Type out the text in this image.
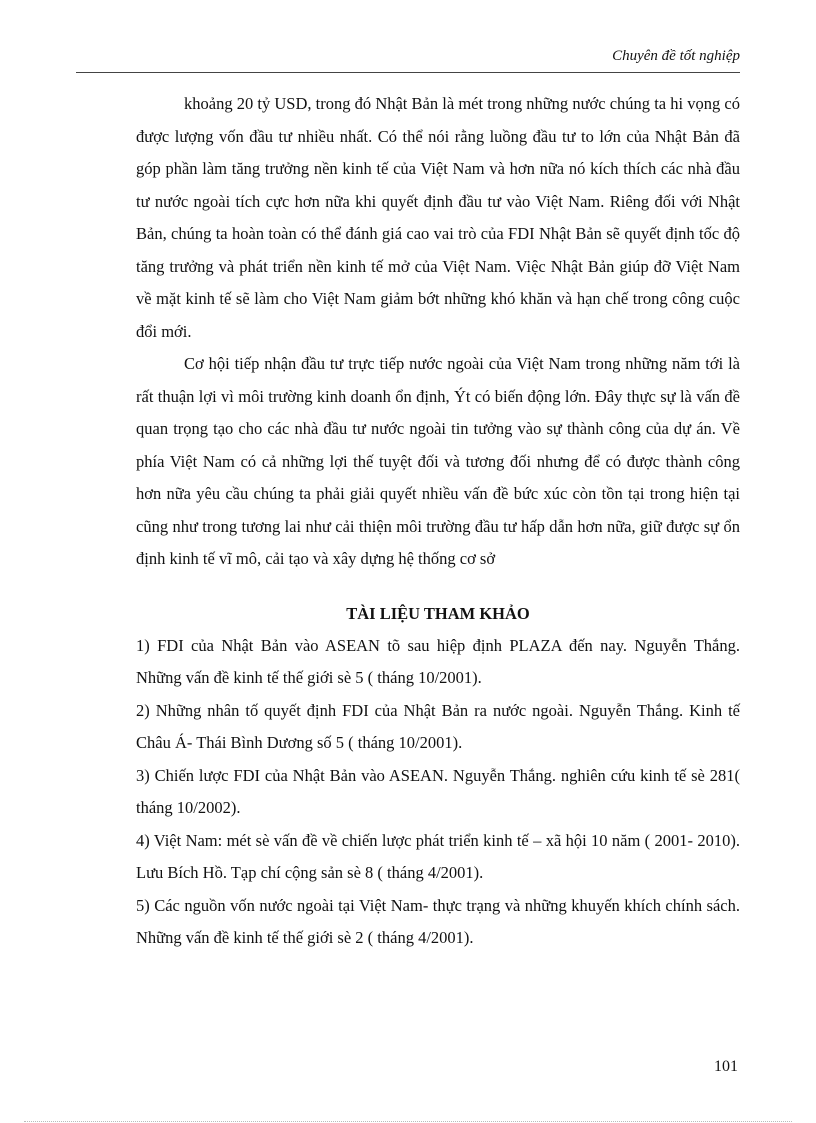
Chuyên đề tốt nghiệp

khoảng 20 tỷ USD, trong đó Nhật Bản là mét trong những nước chúng ta hi vọng có được lượng vốn đầu tư nhiều nhất. Có thể nói rằng luồng đầu tư to lớn của Nhật Bản đã góp phần làm tăng trưởng nền kinh tế của Việt Nam và hơn nữa nó kích thích các nhà đầu tư nước ngoài tích cực hơn nữa khi quyết định đầu tư vào Việt Nam. Riêng đối với Nhật Bản, chúng ta hoàn toàn có thể đánh giá cao vai trò của FDI Nhật Bản sẽ quyết định tốc độ tăng trưởng và phát triển nền kinh tế mở của Việt Nam. Việc Nhật Bản giúp đỡ Việt Nam về mặt kinh tế sẽ làm cho Việt Nam giảm bớt những khó khăn và hạn chế trong công cuộc đổi mới.

Cơ hội tiếp nhận đầu tư trực tiếp nước ngoài của Việt Nam trong những năm tới là rất thuận lợi vì môi trường kinh doanh ổn định, Ýt có biến động lớn. Đây thực sự là vấn đề quan trọng tạo cho các nhà đầu tư nước ngoài tin tưởng vào sự thành công của dự án. Về phía Việt Nam có cả những lợi thế tuyệt đối và tương đối nhưng để có được thành công hơn nữa yêu cầu chúng ta phải giải quyết nhiều vấn đề bức xúc còn tồn tại trong hiện tại cũng như trong tương lai như cải thiện môi trường đầu tư hấp dẫn hơn nữa, giữ được sự ổn định kinh tế vĩ mô, cải tạo và xây dựng hệ thống cơ sở

TÀI LIỆU THAM KHẢO
1) FDI của Nhật Bản vào ASEAN tõ sau hiệp định PLAZA đến nay. Nguyễn Thắng. Những vấn đề kinh tế thế giới sè 5 ( tháng 10/2001).
2) Những nhân tố quyết định FDI của Nhật Bản ra nước ngoài. Nguyễn Thắng. Kinh tế Châu Á- Thái Bình Dương số 5 ( tháng 10/2001).
3) Chiến lược FDI của Nhật Bản vào ASEAN. Nguyễn Thắng. nghiên cứu kinh tế sè 281( tháng 10/2002).
4) Việt Nam: mét sè vấn đề về chiến lược phát triển kinh tế – xã hội 10 năm ( 2001- 2010). Lưu Bích Hồ. Tạp chí cộng sản sè 8 ( tháng 4/2001).
5) Các nguồn vốn nước ngoài tại Việt Nam- thực trạng và những khuyến khích chính sách. Những vấn đề kinh tế thế giới sè 2 ( tháng 4/2001).
101
